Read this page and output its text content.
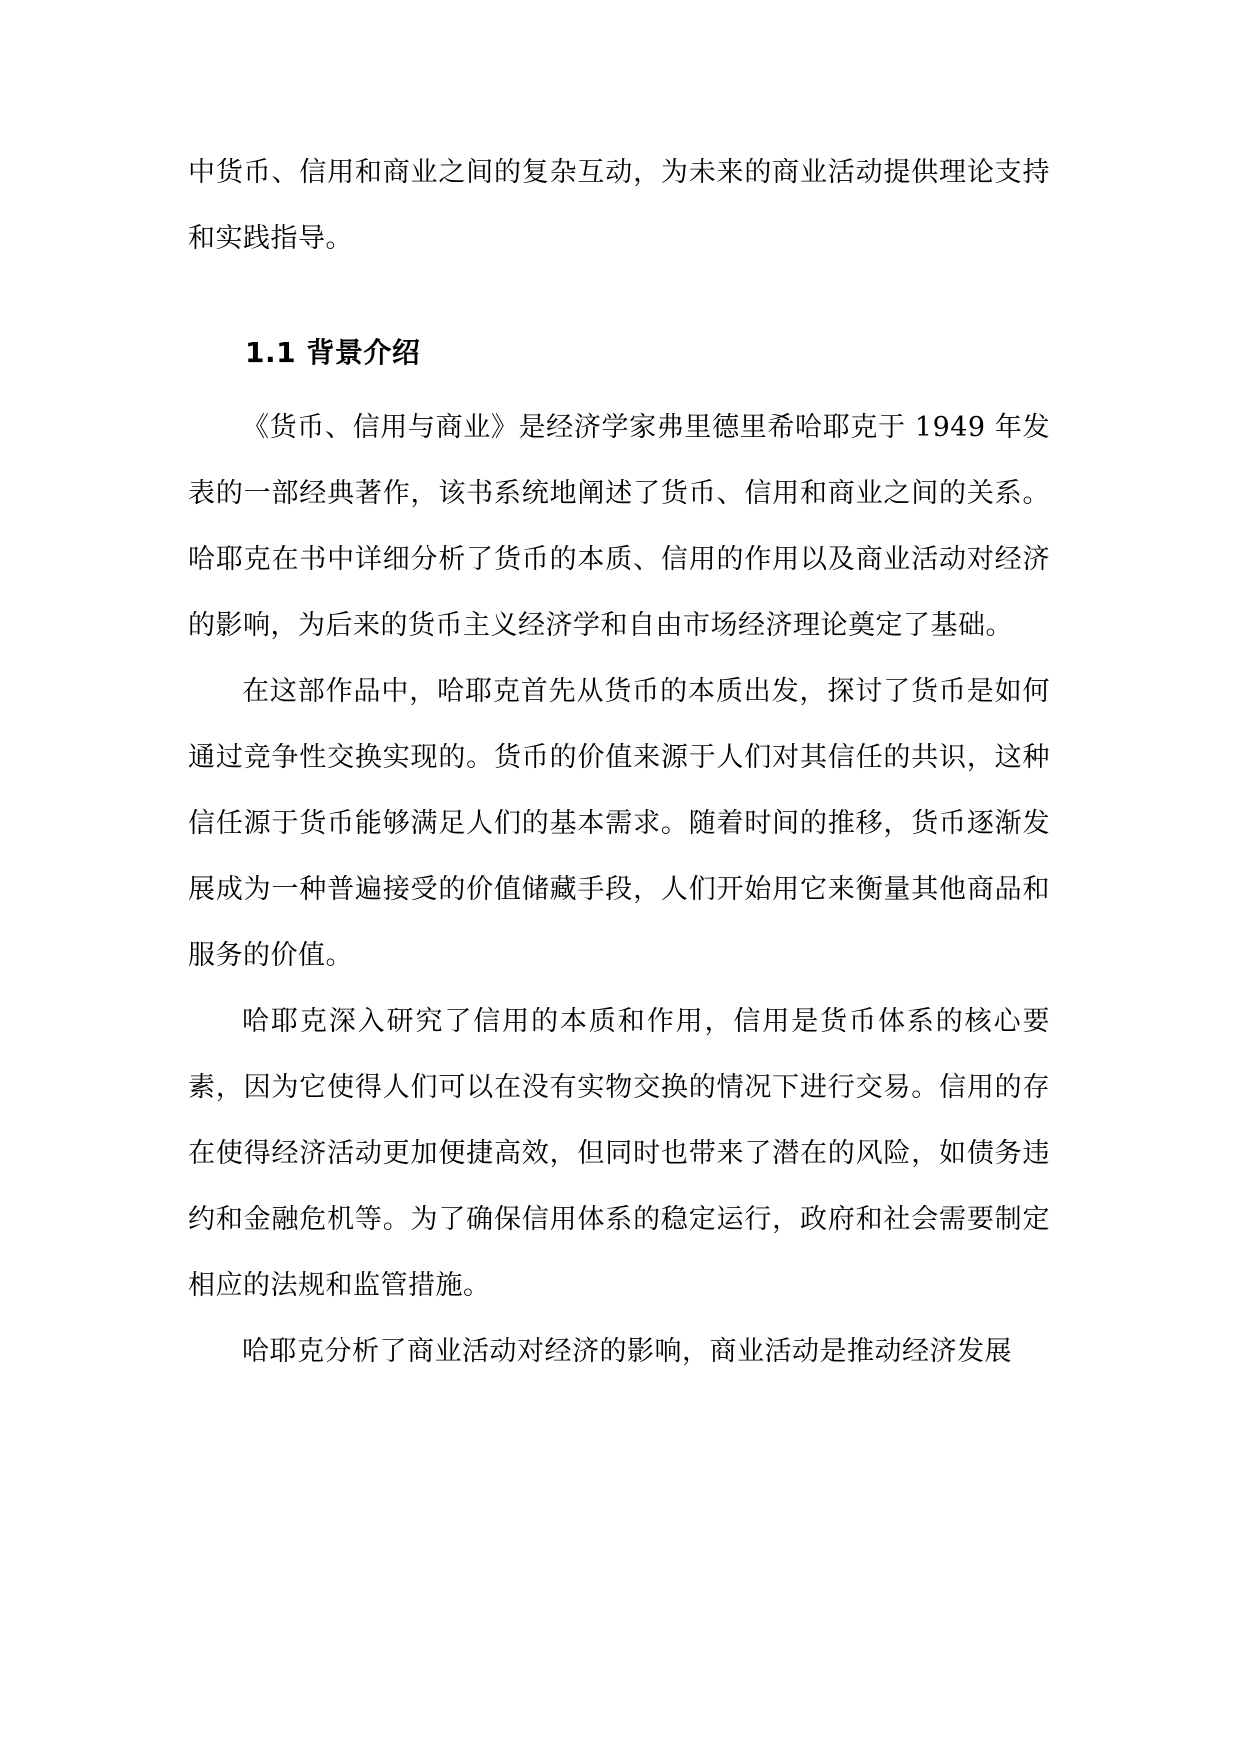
中货币、信用和商业之间的复杂互动，为未来的商业活动提供理论支持和实践指导。
1.1 背景介绍

《货币、信用与商业》是经济学家弗里德里希哈耶克于 1949 年发表的一部经典著作，该书系统地阐述了货币、信用和商业之间的关系。哈耶克在书中详细分析了货币的本质、信用的作用以及商业活动对经济的影响，为后来的货币主义经济学和自由市场经济理论奠定了基础。

在这部作品中，哈耶克首先从货币的本质出发，探讨了货币是如何通过竞争性交换实现的。货币的价值来源于人们对其信任的共识，这种信任源于货币能够满足人们的基本需求。随着时间的推移，货币逐渐发展成为一种普遍接受的价值储藏手段，人们开始用它来衡量其他商品和服务的价值。

哈耶克深入研究了信用的本质和作用，信用是货币体系的核心要素，因为它使得人们可以在没有实物交换的情况下进行交易。信用的存在使得经济活动更加便捷高效，但同时也带来了潜在的风险，如债务违约和金融危机等。为了确保信用体系的稳定运行，政府和社会需要制定相应的法规和监管措施。

哈耶克分析了商业活动对经济的影响，商业活动是推动经济发展
